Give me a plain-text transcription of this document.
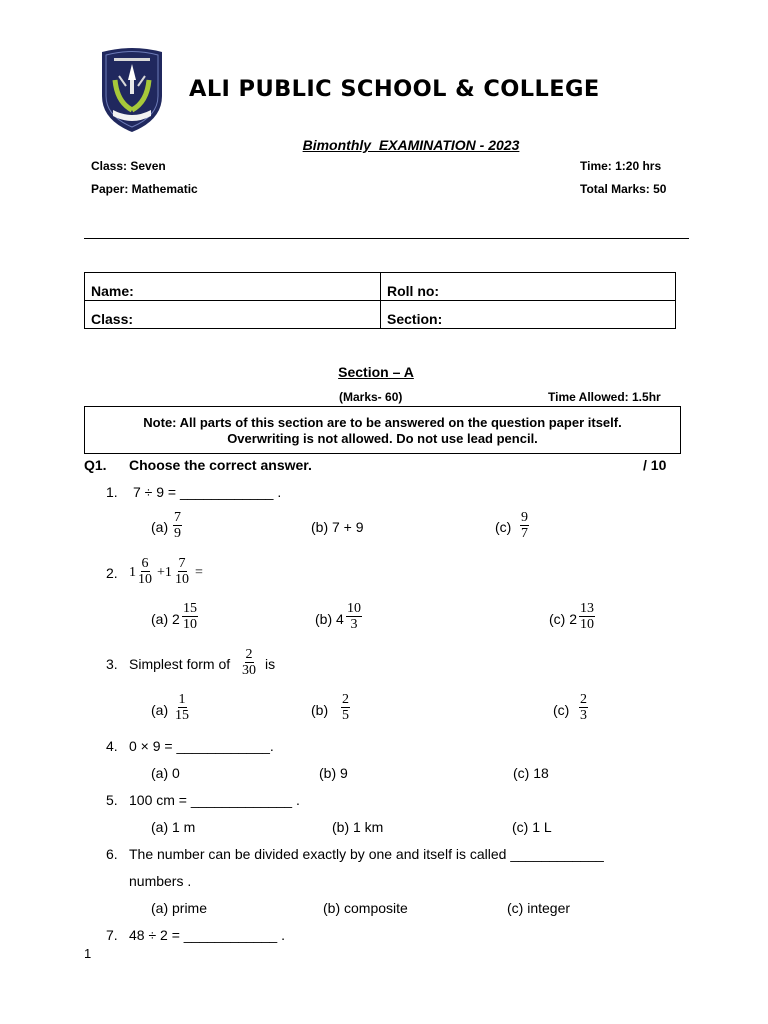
ALI PUBLIC SCHOOL & COLLEGE
Bimonthly  EXAMINATION - 2023
Class: Seven
Paper: Mathematic
Time: 1:20 hrs
Total Marks: 50
Name:	Roll no:
Class:	Section:
Section – A
(Marks- 60)	Time Allowed: 1.5hr
Note: All parts of this section are to be answered on the question paper itself.
Overwriting is not allowed. Do not use lead pencil.
Q1. Choose the correct answer.	/ 10
1. 7 ÷ 9 = ____________ .
$(a) \frac{7}{9}$	(b) 7 + 9	$(c) \frac{9}{7}$
2. $1 \frac{6}{10} +1 \frac{7}{10}$ =
(a) $2 \frac{15}{10}$	(b) $4 \frac{10}{3}$	(c) $2 \frac{13}{10}$
3. Simplest form of $\frac{2}{30}$ is
$(a) \frac{1}{15}$	$(b) \frac{2}{5}$	$(c) \frac{2}{3}$
4. 0 × 9 = ____________.
(a) 0	(b) 9	(c) 18
5. 100 cm = _____________ .
(a) 1 m	(b) 1 km	(c) 1 L
6. The number can be divided exactly by one and itself is called ____________
numbers .
(a) prime	(b) composite	(c) integer
7. 48 ÷ 2 = ____________ .
1
